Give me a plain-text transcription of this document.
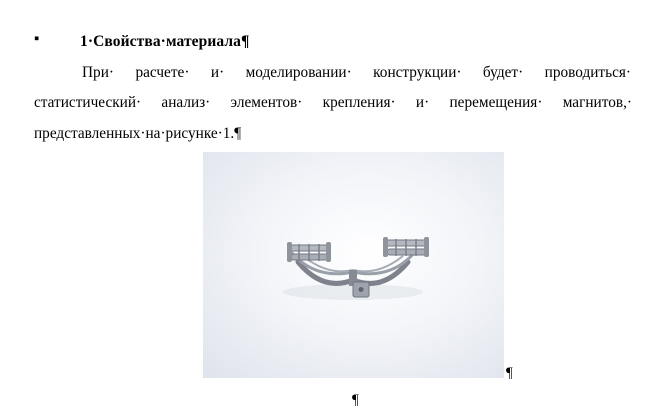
▪	1·Свойства·материала¶
При· расчете· и· моделировании· конструкции· будет· проводиться·
статистический· анализ· элементов· крепления· и· перемещения· магнитов,·
представленных·на·рисунке·1.¶
¶
¶
